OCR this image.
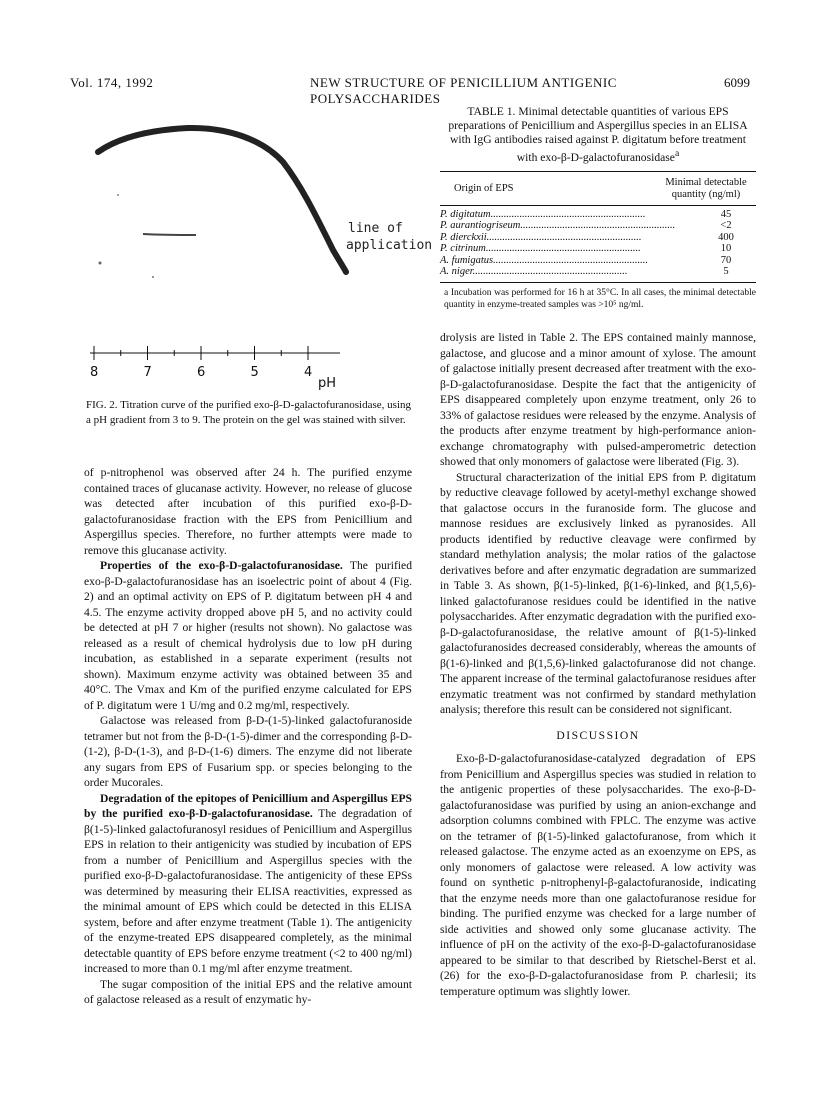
Vol. 174, 1992	NEW STRUCTURE OF PENICILLIUM ANTIGENIC POLYSACCHARIDES
6099
line of
application
8	7	6	5	4
pH
FIG. 2. Titration curve of the purified exo-β-D-galactofuranosidase, using a pH gradient from 3 to 9. The protein on the gel was stained with silver.
TABLE 1. Minimal detectable quantities of various EPS preparations of Penicillium and Aspergillus species in an ELISA with IgG antibodies raised against P. digitatum before treatment with exo-β-D-galactofuranosidase$^a$
Origin of EPS
Minimal detectable
quantity (ng/ml)
P. digitatum...........................................................	45
P. aurantiogriseum...........................................................	<2
P. dierckxii...........................................................	400
P. citrinum...........................................................	10
A. fumigatus...........................................................	70
A. niger...........................................................	5
a Incubation was performed for 16 h at 35°C. In all cases, the minimal detectable quantity in enzyme-treated samples was >10⁵ ng/ml.

of p-nitrophenol was observed after 24 h. The purified enzyme contained traces of glucanase activity. However, no release of glucose was detected after incubation of this purified exo-β-D-galactofuranosidase fraction with the EPS from Penicillium and Aspergillus species. Therefore, no further attempts were made to remove this glucanase activity.

Properties of the exo-β-D-galactofuranosidase. The purified exo-β-D-galactofuranosidase has an isoelectric point of about 4 (Fig. 2) and an optimal activity on EPS of P. digitatum between pH 4 and 4.5. The enzyme activity dropped above pH 5, and no activity could be detected at pH 7 or higher (results not shown). No galactose was released as a result of chemical hydrolysis due to low pH during incubation, as established in a separate experiment (results not shown). Maximum enzyme activity was obtained between 35 and 40°C. The Vmax and Km of the purified enzyme calculated for EPS of P. digitatum were 1 U/mg and 0.2 mg/ml, respectively.

Galactose was released from β-D-(1-5)-linked galactofuranoside tetramer but not from the β-D-(1-5)-dimer and the corresponding β-D-(1-2), β-D-(1-3), and β-D-(1-6) dimers. The enzyme did not liberate any sugars from EPS of Fusarium spp. or species belonging to the order Mucorales.

Degradation of the epitopes of Penicillium and Aspergillus EPS by the purified exo-β-D-galactofuranosidase. The degradation of β(1-5)-linked galactofuranosyl residues of Penicillium and Aspergillus EPS in relation to their antigenicity was studied by incubation of EPS from a number of Penicillium and Aspergillus species with the purified exo-β-D-galactofuranosidase. The antigenicity of these EPSs was determined by measuring their ELISA reactivities, expressed as the minimal amount of EPS which could be detected in this ELISA system, before and after enzyme treatment (Table 1). The antigenicity of the enzyme-treated EPS disappeared completely, as the minimal detectable quantity of EPS before enzyme treatment (<2 to 400 ng/ml) increased to more than 0.1 mg/ml after enzyme treatment.

The sugar composition of the initial EPS and the relative amount of galactose released as a result of enzymatic hy-

drolysis are listed in Table 2. The EPS contained mainly mannose, galactose, and glucose and a minor amount of xylose. The amount of galactose initially present decreased after treatment with the exo-β-D-galactofuranosidase. Despite the fact that the antigenicity of EPS disappeared completely upon enzyme treatment, only 26 to 33% of galactose residues were released by the enzyme. Analysis of the products after enzyme treatment by high-performance anion-exchange chromatography with pulsed-amperometric detection showed that only monomers of galactose were liberated (Fig. 3).

Structural characterization of the initial EPS from P. digitatum by reductive cleavage followed by acetyl-methyl exchange showed that galactose occurs in the furanoside form. The glucose and mannose residues are exclusively linked as pyranosides. All products identified by reductive cleavage were confirmed by standard methylation analysis; the molar ratios of the galactose derivatives before and after enzymatic degradation are summarized in Table 3. As shown, β(1-5)-linked, β(1-6)-linked, and β(1,5,6)-linked galactofuranose residues could be identified in the native polysaccharides. After enzymatic degradation with the purified exo-β-D-galactofuranosidase, the relative amount of β(1-5)-linked galactofuranosides decreased considerably, whereas the amounts of β(1-6)-linked and β(1,5,6)-linked galactofuranose did not change. The apparent increase of the terminal galactofuranose residues after enzymatic treatment was not confirmed by standard methylation analysis; therefore this result can be considered not significant.

DISCUSSION

Exo-β-D-galactofuranosidase-catalyzed degradation of EPS from Penicillium and Aspergillus species was studied in relation to the antigenic properties of these polysaccharides. The exo-β-D-galactofuranosidase was purified by using an anion-exchange and adsorption columns combined with FPLC. The enzyme was active on the tetramer of β(1-5)-linked galactofuranose, from which it released galactose. The enzyme acted as an exoenzyme on EPS, as only monomers of galactose were released. A low activity was found on synthetic p-nitrophenyl-β-galactofuranoside, indicating that the enzyme needs more than one galactofuranose residue for binding. The purified enzyme was checked for a large number of side activities and showed only some glucanase activity. The influence of pH on the activity of the exo-β-D-galactofuranosidase appeared to be similar to that described by Rietschel-Berst et al. (26) for the exo-β-D-galactofuranosidase from P. charlesii; its temperature optimum was slightly lower.
